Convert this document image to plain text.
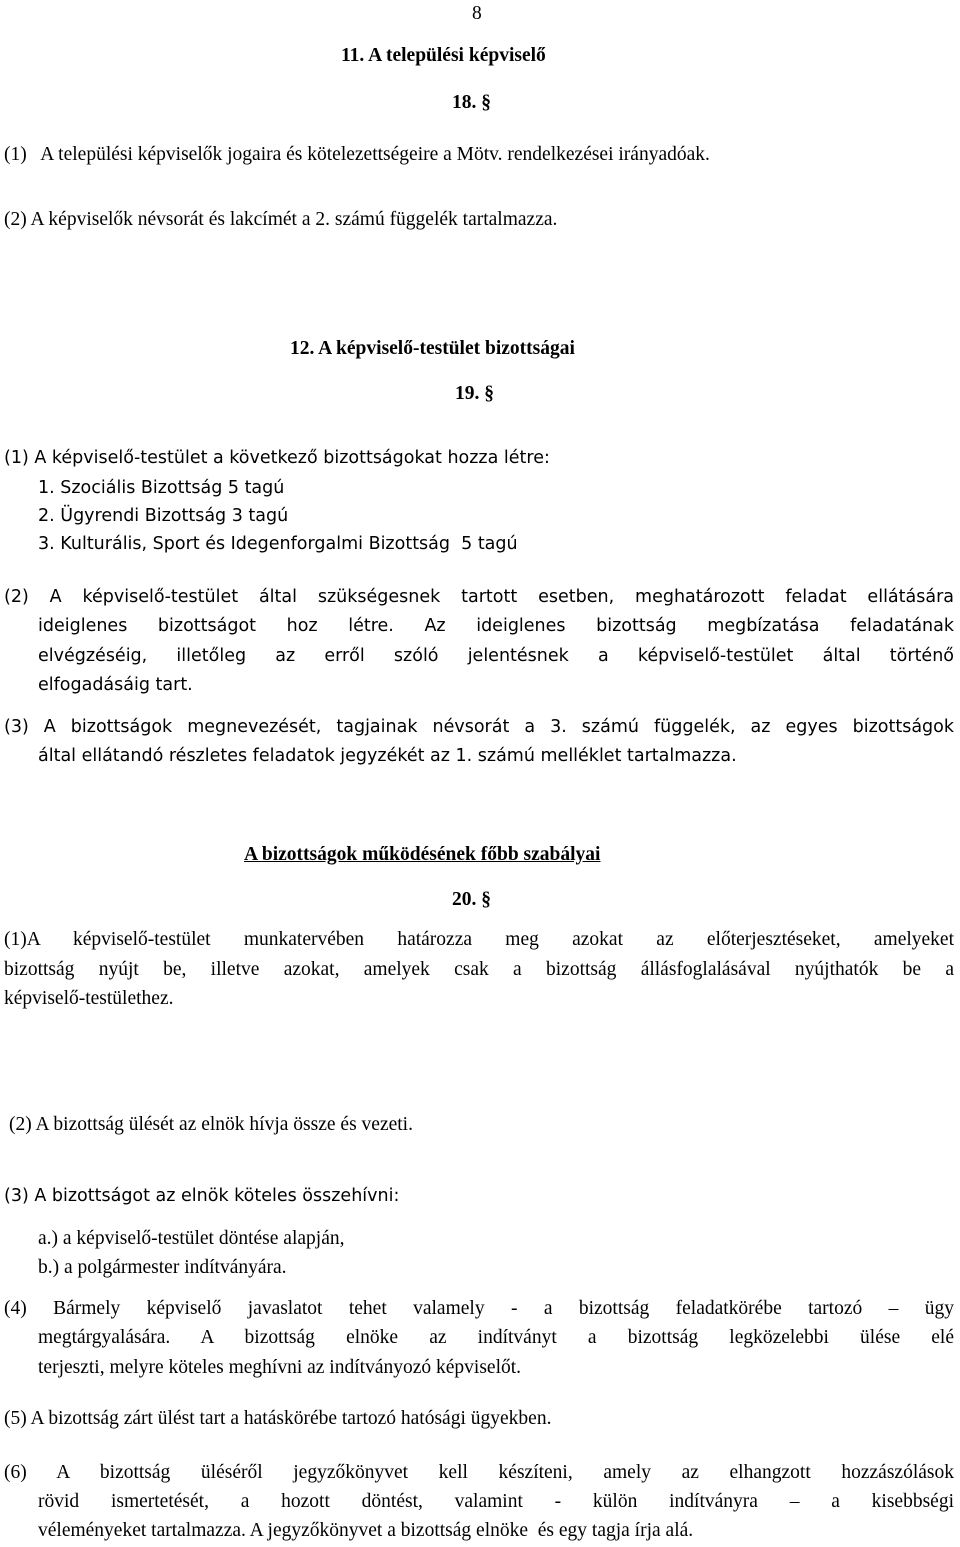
8
11. A települési képviselő
18. §
(1)   A települési képviselők jogaira és kötelezettségeire a Mötv. rendelkezései irányadóak.
(2) A képviselők névsorát és lakcímét a 2. számú függelék tartalmazza.
12. A képviselő-testület bizottságai
19. §
(1) A képviselő-testület a következő bizottságokat hozza létre:
1. Szociális Bizottság 5 tagú
2. Ügyrendi Bizottság 3 tagú
3. Kulturális, Sport és Idegenforgalmi Bizottság  5 tagú
(2) A képviselő-testület által szükségesnek tartott esetben, meghatározott feladat ellátására
ideiglenes bizottságot hoz létre. Az ideiglenes bizottság megbízatása feladatának
elvégzéséig, illetőleg az erről szóló jelentésnek a képviselő-testület által történő
elfogadásáig tart.
(3) A bizottságok megnevezését, tagjainak névsorát a 3. számú függelék, az egyes bizottságok
által ellátandó részletes feladatok jegyzékét az 1. számú melléklet tartalmazza.
A bizottságok működésének főbb szabályai
20. §
(1)A képviselő-testület munkatervében határozza meg azokat az előterjesztéseket, amelyeket
bizottság nyújt be, illetve azokat, amelyek csak a bizottság állásfoglalásával nyújthatók be a
képviselő-testülethez.
(2) A bizottság ülését az elnök hívja össze és vezeti.
(3) A bizottságot az elnök köteles összehívni:
a.) a képviselő-testület döntése alapján,
b.) a polgármester indítványára.
(4) Bármely képviselő javaslatot tehet valamely - a bizottság feladatkörébe tartozó – ügy
megtárgyalására. A bizottság elnöke az indítványt a bizottság legközelebbi ülése elé
terjeszti, melyre köteles meghívni az indítványozó képviselőt.
(5) A bizottság zárt ülést tart a hatáskörébe tartozó hatósági ügyekben.
(6) A bizottság üléséről jegyzőkönyvet kell készíteni, amely az elhangzott hozzászólások
rövid ismertetését, a hozott döntést, valamint - külön indítványra – a kisebbségi
véleményeket tartalmazza. A jegyzőkönyvet a bizottság elnöke  és egy tagja írja alá.
